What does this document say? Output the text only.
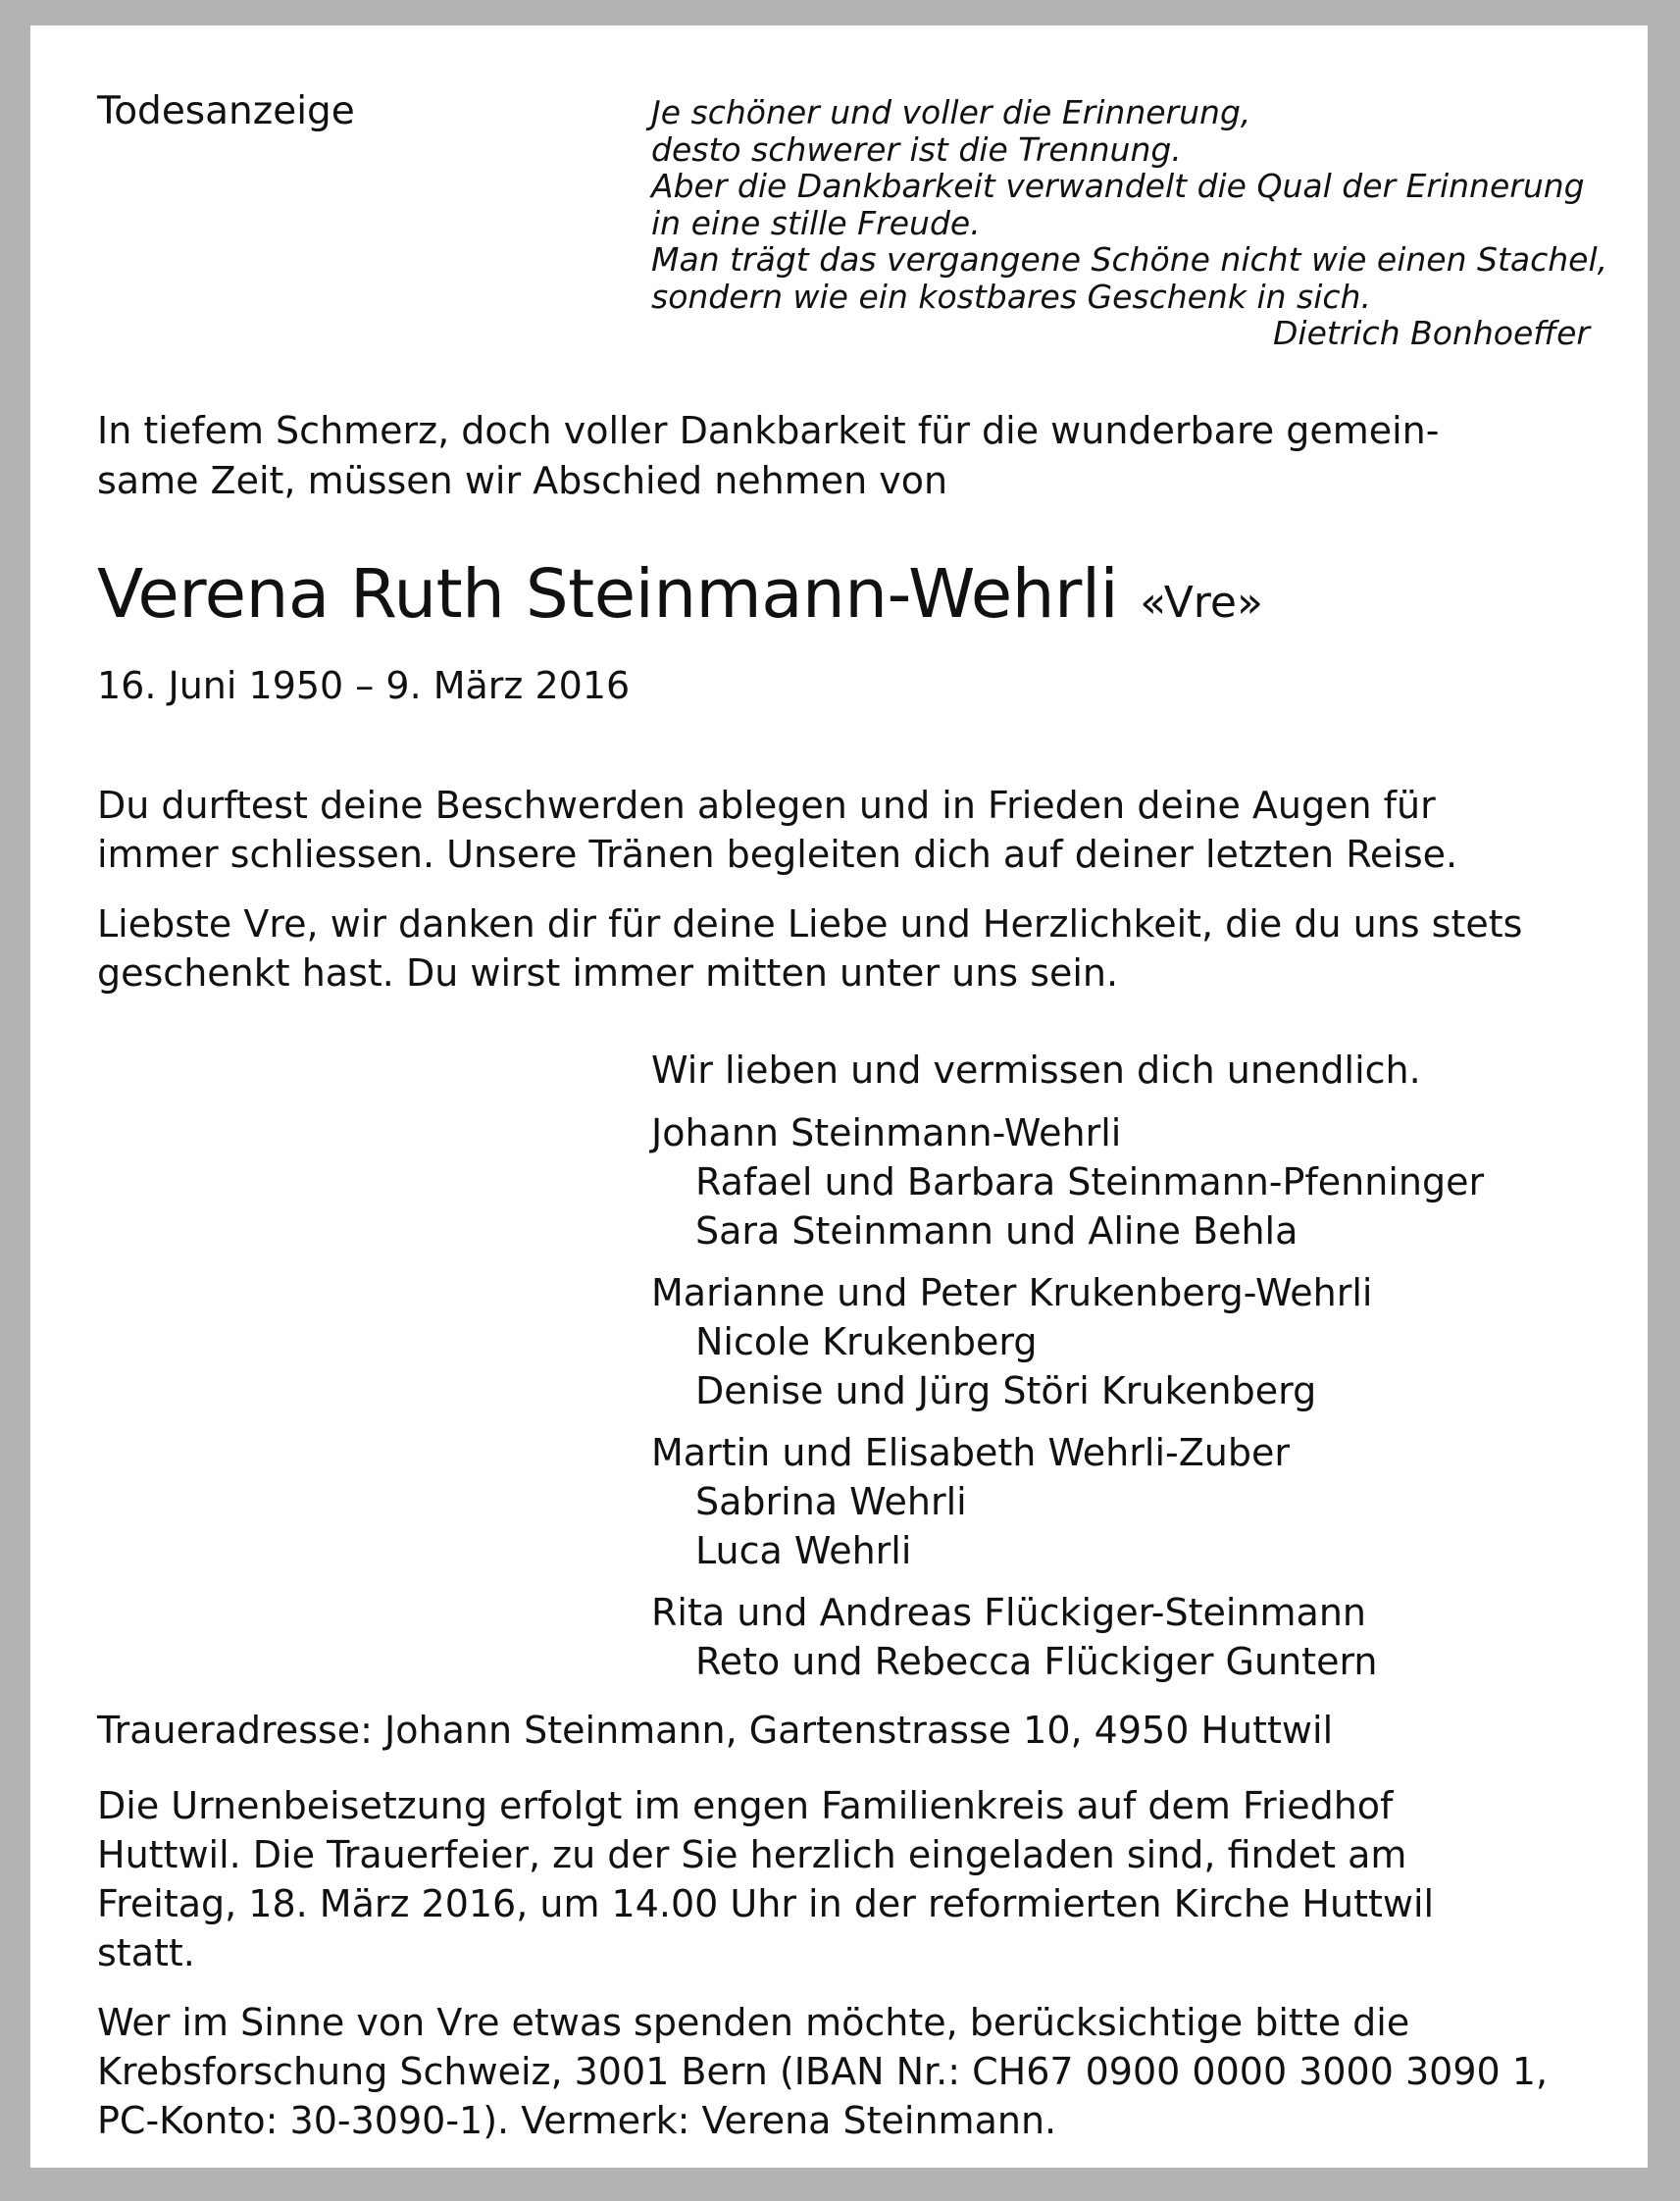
Todesanzeige	Je schöner und voller die Erinnerung,
desto schwerer ist die Trennung.
Aber die Dankbarkeit verwandelt die Qual der Erinnerung
in eine stille Freude.
Man trägt das vergangene Schöne nicht wie einen Stachel,
sondern wie ein kostbares Geschenk in sich.
Dietrich Bonhoeffer
In tiefem Schmerz, doch voller Dankbarkeit für die wunderbare gemein-
same Zeit, müssen wir Abschied nehmen von
Verena Ruth Steinmann-Wehrli «Vre»

16. Juni 1950 – 9. März 2016

Du durftest deine Beschwerden ablegen und in Frieden deine Augen für
immer schliessen. Unsere Tränen begleiten dich auf deiner letzten Reise.
Liebste Vre, wir danken dir für deine Liebe und Herzlichkeit, die du uns stets
geschenkt hast. Du wirst immer mitten unter uns sein.
Wir lieben und vermissen dich unendlich.
Johann Steinmann-Wehrli
Rafael und Barbara Steinmann-Pfenninger
Sara Steinmann und Aline Behla
Marianne und Peter Krukenberg-Wehrli
Nicole Krukenberg
Denise und Jürg Störi Krukenberg
Martin und Elisabeth Wehrli-Zuber
Sabrina Wehrli
Luca Wehrli
Rita und Andreas Flückiger-Steinmann
Reto und Rebecca Flückiger Guntern

Traueradresse: Johann Steinmann, Gartenstrasse 10, 4950 Huttwil

Die Urnenbeisetzung erfolgt im engen Familienkreis auf dem Friedhof
Huttwil. Die Trauerfeier, zu der Sie herzlich eingeladen sind, findet am
Freitag, 18. März 2016, um 14.00 Uhr in der reformierten Kirche Huttwil
statt.
Wer im Sinne von Vre etwas spenden möchte, berücksichtige bitte die
Krebsforschung Schweiz, 3001 Bern (IBAN Nr.: CH67 0900 0000 3000 3090 1,
PC-Konto: 30-3090-1). Vermerk: Verena Steinmann.
